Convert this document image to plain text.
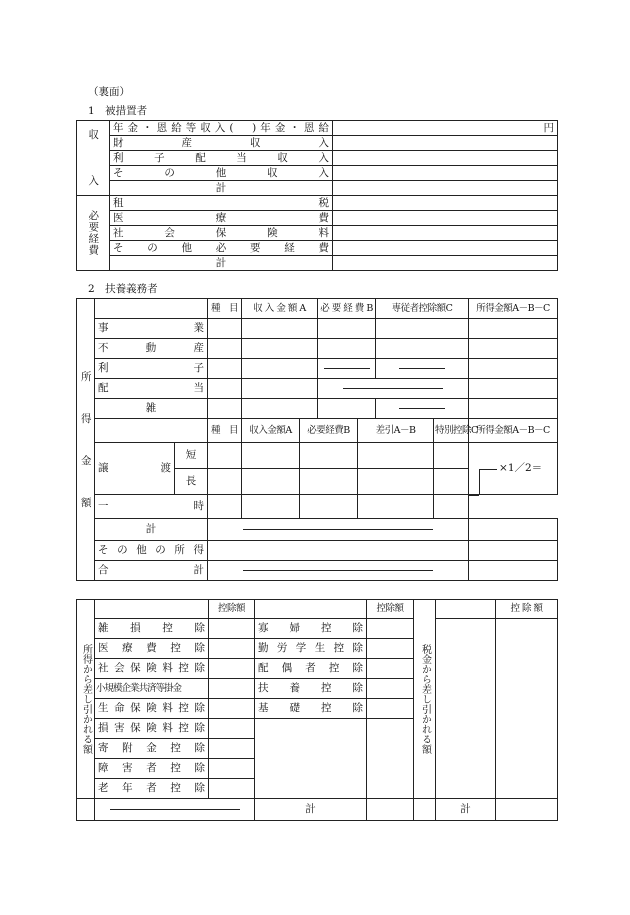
（裏面）
1　被措置者
収　　　入	年金・恩給等収入(　)年金・恩給	円
	財　　　産　　　収　　　入	
	利　子　配　当　収　入	
	そ　の　他　収　入	
	計	
必要経費	租　　　　　　　　　　税	
	医　　　　療　　　　費	
	社　会　保　険　料	
	そ　の　他　必　要　経　費	
	計	
2　扶養義務者
所　　　得　　　金　　　額			種　目	収 入 金 額 A		必 要 経 費 B		専従者控除額C		所得金額A－B－C
	事　　　　　業									
	不　　動　　産									
	利　　　　　子									
	配　　　　　当									
	雑									
			種　目	収入金額A	必要経費B		差引A－B		特別控除C	所得金額A－B－C
	譲　　　渡	短								×1／2＝

		長								
	一　　　　　時									
	計									
	そ の 他 の 所 得									
	合　　　　　計									
所得から差し引かれる額		控除額		控除額	税金から差し引かれる額		控 除 額
	雑　損　控　除		寡　婦　控　除				
	医　療　費　控　除		勤労学生控除				
	社会保険料控除		配　偶　者　控　除				
	小規模企業共済等掛金		扶　養　控　除				
	生命保険料控除		基　礎　控　除				
	損害保険料控除						
	寄　附　金　控　除						
	障　害　者　控　除						
	老　年　者　控　除						
			計			計	
